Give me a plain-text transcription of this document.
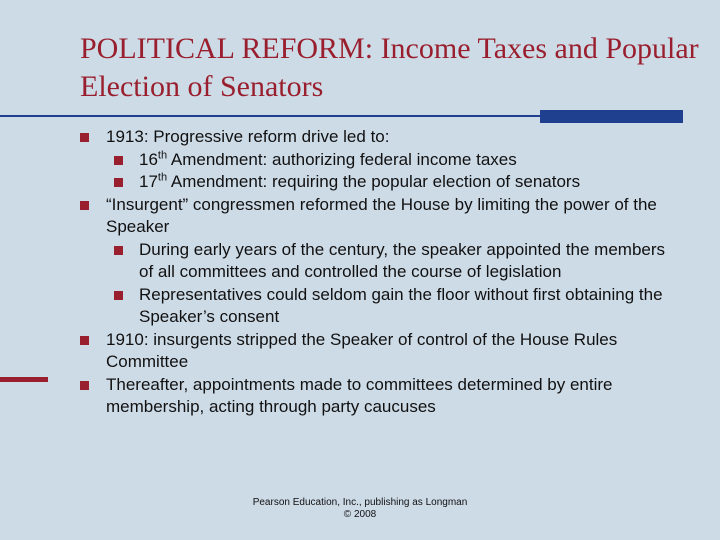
POLITICAL REFORM: Income Taxes and Popular Election of Senators
1913: Progressive reform drive led to:
16th Amendment: authorizing federal income taxes
17th Amendment: requiring the popular election of senators
“Insurgent” congressmen reformed the House by limiting the power of the Speaker
During early years of the century, the speaker appointed the members of all committees and controlled the course of legislation
Representatives could seldom gain the floor without first obtaining the Speaker’s consent
1910: insurgents stripped the Speaker of control of the House Rules Committee
Thereafter, appointments made to committees determined by entire membership, acting through party caucuses
Pearson Education, Inc., publishing as Longman
© 2008
